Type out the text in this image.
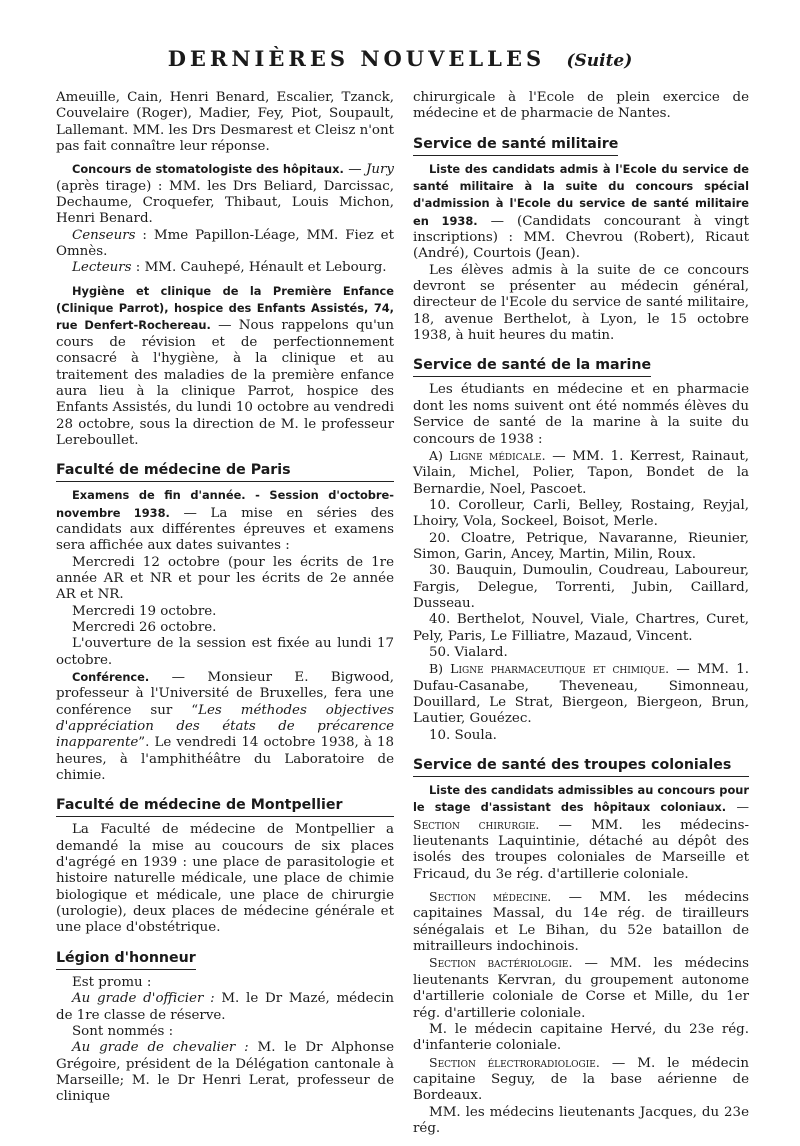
DERNIÈRES NOUVELLES (Suite)

Ameuille, Cain, Henri Benard, Escalier, Tzanck, Couvelaire (Roger), Madier, Fey, Piot, Soupault, Lallemant. MM. les Drs Desmarest et Cleisz n'ont pas fait connaître leur réponse.

Concours de stomatologiste des hôpitaux. — Jury (après tirage) : MM. les Drs Beliard, Darcissac, Dechaume, Croquefer, Thibaut, Louis Michon, Henri Benard.

Censeurs : Mme Papillon-Léage, MM. Fiez et Omnès.

Lecteurs : MM. Cauhepé, Hénault et Lebourg.

Hygiène et clinique de la Première Enfance (Clinique Parrot), hospice des Enfants Assistés, 74, rue Denfert-Rochereau. — Nous rappelons qu'un cours de révision et de perfectionnement consacré à l'hygiène, à la clinique et au traitement des maladies de la première enfance aura lieu à la clinique Parrot, hospice des Enfants Assistés, du lundi 10 octobre au vendredi 28 octobre, sous la direction de M. le professeur Lereboullet.

Faculté de médecine de Paris

Examens de fin d'année. - Session d'octobre-novembre 1938. — La mise en séries des candidats aux différentes épreuves et examens sera affichée aux dates suivantes :

Mercredi 12 octobre (pour les écrits de 1re année AR et NR et pour les écrits de 2e année AR et NR.

Mercredi 19 octobre.

Mercredi 26 octobre.

L'ouverture de la session est fixée au lundi 17 octobre.

Conférence. — Monsieur E. Bigwood, professeur à l'Université de Bruxelles, fera une conférence sur “Les méthodes objectives d'appréciation des états de précarence inapparente”. Le vendredi 14 octobre 1938, à 18 heures, à l'amphithéâtre du Laboratoire de chimie.

Faculté de médecine de Montpellier

La Faculté de médecine de Montpellier a demandé la mise au coucours de six places d'agrégé en 1939 : une place de parasitologie et histoire naturelle médicale, une place de chimie biologique et médicale, une place de chirurgie (urologie), deux places de médecine générale et une place d'obstétrique.

Légion d'honneur

Est promu :

Au grade d'officier : M. le Dr Mazé, médecin de 1re classe de réserve.

Sont nommés :

Au grade de chevalier : M. le Dr Alphonse Grégoire, président de la Délégation cantonale à Marseille; M. le Dr Henri Lerat, professeur de clinique

chirurgicale à l'Ecole de plein exercice de médecine et de pharmacie de Nantes.

Service de santé militaire

Liste des candidats admis à l'Ecole du service de santé militaire à la suite du concours spécial d'admission à l'Ecole du service de santé militaire en 1938. — (Candidats concourant à vingt inscriptions) : MM. Chevrou (Robert), Ricaut (André), Courtois (Jean).

Les élèves admis à la suite de ce concours devront se présenter au médecin général, directeur de l'Ecole du service de santé militaire, 18, avenue Berthelot, à Lyon, le 15 octobre 1938, à huit heures du matin.

Service de santé de la marine

Les étudiants en médecine et en pharmacie dont les noms suivent ont été nommés élèves du Service de santé de la marine à la suite du concours de 1938 :

A) Ligne médicale. — MM. 1. Kerrest, Rainaut, Vilain, Michel, Polier, Tapon, Bondet de la Bernardie, Noel, Pascoet.

10. Corolleur, Carli, Belley, Rostaing, Reyjal, Lhoiry, Vola, Sockeel, Boisot, Merle.

20. Cloatre, Petrique, Navaranne, Rieunier, Simon, Garin, Ancey, Martin, Milin, Roux.

30. Bauquin, Dumoulin, Coudreau, Laboureur, Fargis, Delegue, Torrenti, Jubin, Caillard, Dusseau.

40. Berthelot, Nouvel, Viale, Chartres, Curet, Pely, Paris, Le Filliatre, Mazaud, Vincent.

50. Vialard.

B) Ligne pharmaceutique et chimique. — MM. 1. Dufau-Casanabe, Theveneau, Simonneau, Douillard, Le Strat, Biergeon, Biergeon, Brun, Lautier, Gouézec.

10. Soula.

Service de santé des troupes coloniales

Liste des candidats admissibles au concours pour le stage d'assistant des hôpitaux coloniaux. — Section chirurgie. — MM. les médecins-lieutenants Laquintinie, détaché au dépôt des isolés des troupes coloniales de Marseille et Fricaud, du 3e rég. d'artillerie coloniale.

Section médecine. — MM. les médecins capitaines Massal, du 14e rég. de tirailleurs sénégalais et Le Bihan, du 52e bataillon de mitrailleurs indochinois.

Section bactériologie. — MM. les médecins lieutenants Kervran, du groupement autonome d'artillerie coloniale de Corse et Mille, du 1er rég. d'artillerie coloniale.

M. le médecin capitaine Hervé, du 23e rég. d'infanterie coloniale.

Section électroradiologie. — M. le médecin capitaine Seguy, de la base aérienne de Bordeaux.

MM. les médecins lieutenants Jacques, du 23e rég.
